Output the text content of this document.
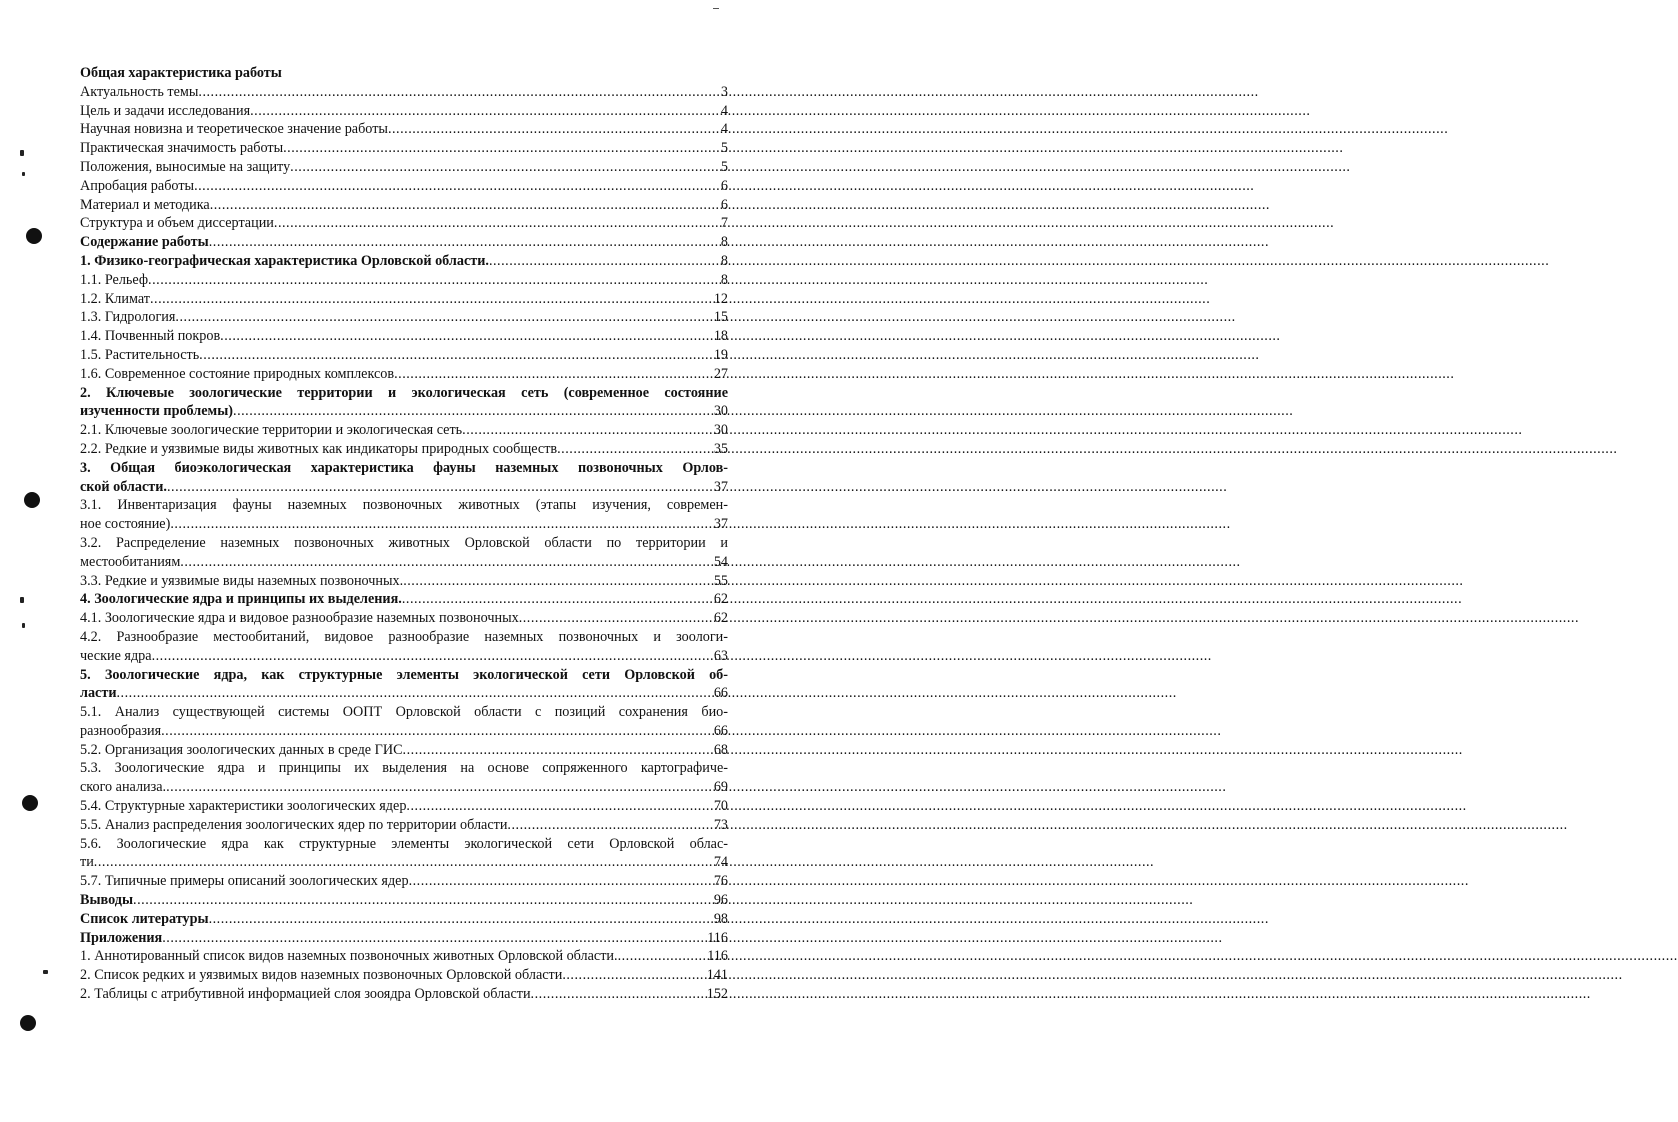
Общая характеристика работы
Актуальность темы .....	3
Цель и задачи исследования .....	4
Научная новизна и теоретическое значение работы .....	4
Практическая значимость работы .....	5
Положения, выносимые на защиту .....	5
Апробация работы .....	6
Материал и методика .....	6
Структура и объем диссертации .....	7
Содержание работы .....	8
1. Физико-географическая характеристика Орловской области. .....	8
1.1. Рельеф .....	8
1.2. Климат .....	12
1.3. Гидрология .....	15
1.4. Почвенный покров .....	18
1.5. Растительность .....	19
1.6. Современное состояние природных комплексов .....	27
2. Ключевые зоологические территории и экологическая сеть (современное состояние
изученности проблемы) .....	30
2.1. Ключевые зоологические территории и экологическая сеть .....	30
2.2. Редкие и уязвимые виды животных как индикаторы природных сообществ .....	35
3. Общая биоэкологическая характеристика фауны наземных позвоночных Орлов-
ской области. .....	37
3.1. Инвентаризация фауны наземных позвоночных животных (этапы изучения, современ-
ное состояние) .....	37
3.2. Распределение наземных позвоночных животных Орловской области по территории и
местообитаниям .....	54
3.3. Редкие и уязвимые виды наземных позвоночных. .....	55
4. Зоологические ядра и принципы их выделения. .....	62
4.1. Зоологические ядра и видовое разнообразие наземных позвоночных .....	62
4.2. Разнообразие местообитаний, видовое разнообразие наземных позвоночных и зоологи-
ческие ядра .....	63
5. Зоологические ядра, как структурные элементы экологической сети Орловской об-
ласти .....	66
5.1. Анализ существующей системы ООПТ Орловской области с позиций сохранения био-
разнообразия .....	66
5.2. Организация зоологических данных в среде ГИС .....	68
5.3. Зоологические ядра и принципы их выделения на основе сопряженного картографиче-
ского анализа. .....	69
5.4. Структурные характеристики зоологических ядер .....	70
5.5. Анализ распределения зоологических ядер по территории области .....	73
5.6. Зоологические ядра как структурные элементы экологической сети Орловской облас-
ти .....	74
5.7. Типичные примеры описаний зоологических ядер .....	76
Выводы .....	96
Список литературы .....	98
Приложения .....	116
1. Аннотированный список видов наземных позвоночных животных Орловской области. .....	116
2. Список редких и уязвимых видов наземных позвоночных Орловской области .....	141
2. Таблицы с атрибутивной информацией слоя зооядра Орловской области .....	152
